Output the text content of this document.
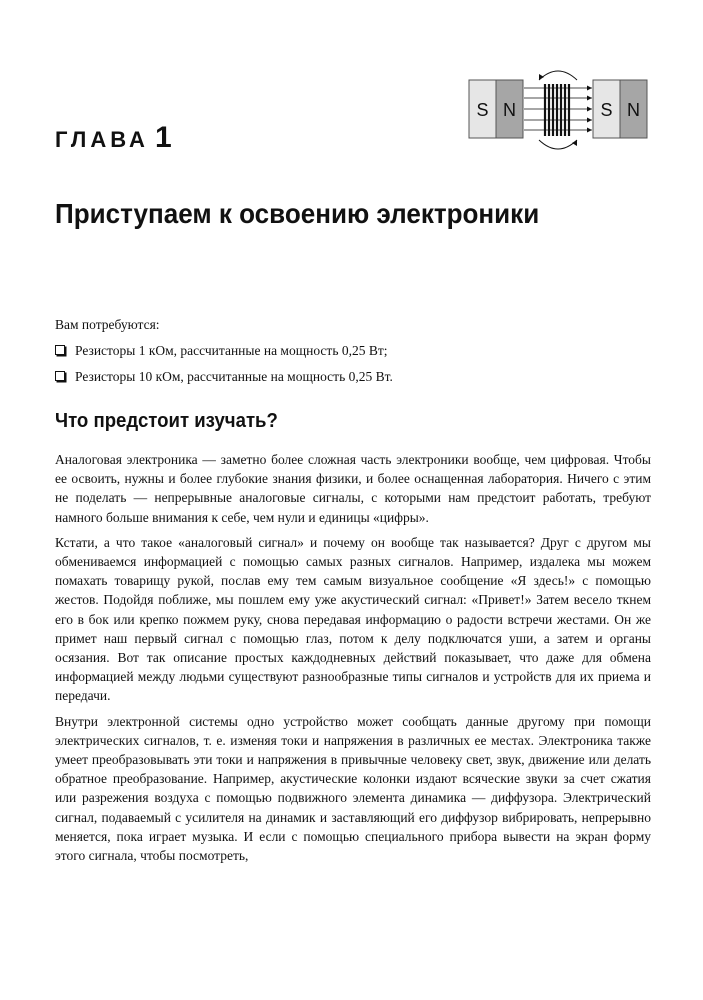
ГЛАВА 1
S N	S N
Приступаем к освоению электроники

Вам потребуются:

Резисторы 1 кОм, рассчитанные на мощность 0,25 Вт;
Резисторы 10 кОм, рассчитанные на мощность 0,25 Вт.
Что предстоит изучать?

Аналоговая электроника — заметно более сложная часть электроники вообще, чем цифровая. Чтобы ее освоить, нужны и более глубокие знания физики, и более оснащенная лаборатория. Ничего с этим не поделать — непрерывные аналоговые сигналы, с которыми нам предстоит работать, требуют намного больше внимания к себе, чем нули и единицы «цифры».

Кстати, а что такое «аналоговый сигнал» и почему он вообще так называется? Друг с другом мы обмениваемся информацией с помощью самых разных сигналов. Например, издалека мы можем помахать товарищу рукой, послав ему тем самым визуальное сообщение «Я здесь!» с помощью жестов. Подойдя поближе, мы пошлем ему уже акустический сигнал: «Привет!» Затем весело ткнем его в бок или крепко пожмем руку, снова передавая информацию о радости встречи жестами. Он же примет наш первый сигнал с помощью глаз, потом к делу подключатся уши, а затем и органы осязания. Вот так описание простых каждодневных действий показывает, что даже для обмена информацией между людьми существуют разнообразные типы сигналов и устройств для их приема и передачи.

Внутри электронной системы одно устройство может сообщать данные другому при помощи электрических сигналов, т. е. изменяя токи и напряжения в различных ее местах. Электроника также умеет преобразовывать эти токи и напряжения в привычные человеку свет, звук, движение или делать обратное преобразование. Например, акустические колонки издают всяческие звуки за счет сжатия или разрежения воздуха с помощью подвижного элемента динамика — диффузора. Электрический сигнал, подаваемый с усилителя на динамик и заставляющий его диффузор вибрировать, непрерывно меняется, пока играет музыка. И если с помощью специального прибора вывести на экран форму этого сигнала, чтобы посмотреть,
